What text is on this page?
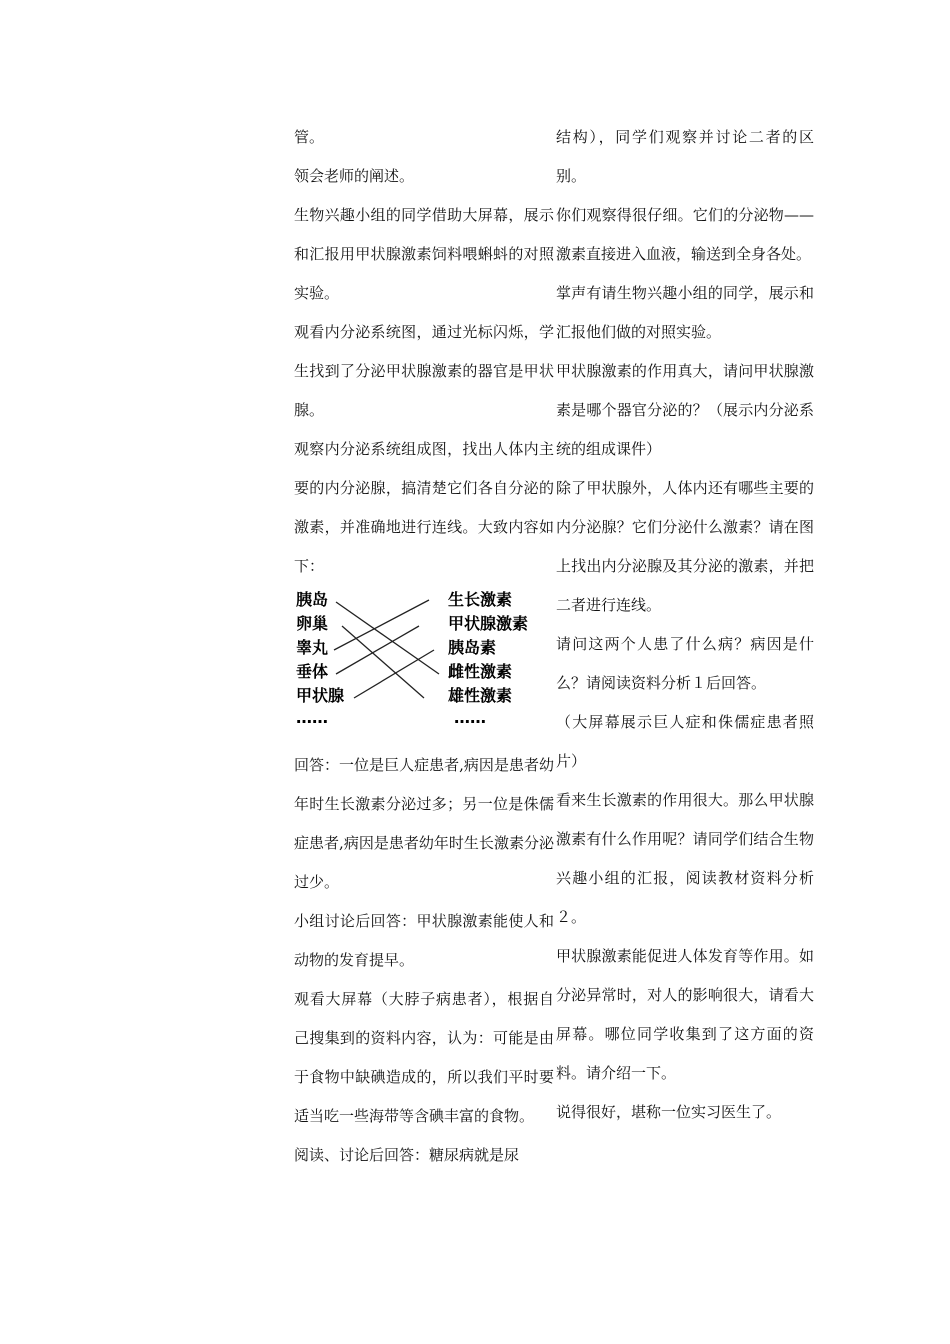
管。

领会老师的阐述。

生物兴趣小组的同学借助大屏幕，展示和汇报用甲状腺激素饲料喂蝌蚪的对照实验。

观看内分泌系统图，通过光标闪烁，学生找到了分泌甲状腺激素的器官是甲状腺。

观察内分泌系统组成图，找出人体内主要的内分泌腺，搞清楚它们各自分泌的激素，并准确地进行连线。大致内容如下：

胰岛
卵巢
睾丸
垂体
甲状腺
……
生长激素
甲状腺激素
胰岛素
雌性激素
雄性激素
……

回答：一位是巨人症患者,病因是患者幼年时生长激素分泌过多；另一位是侏儒症患者,病因是患者幼年时生长激素分泌过少。

小组讨论后回答：甲状腺激素能使人和动物的发育提早。

观看大屏幕（大脖子病患者），根据自己搜集到的资料内容，认为：可能是由于食物中缺碘造成的，所以我们平时要适当吃一些海带等含碘丰富的食物。

阅读、讨论后回答：糖尿病就是尿

结构），同学们观察并讨论二者的区别。

你们观察得很仔细。它们的分泌物——激素直接进入血液，输送到全身各处。

掌声有请生物兴趣小组的同学，展示和汇报他们做的对照实验。

甲状腺激素的作用真大，请问甲状腺激素是哪个器官分泌的？（展示内分泌系统的组成课件）

除了甲状腺外，人体内还有哪些主要的内分泌腺？它们分泌什么激素？请在图上找出内分泌腺及其分泌的激素，并把二者进行连线。

请问这两个人患了什么病？病因是什么？请阅读资料分析１后回答。

（大屏幕展示巨人症和侏儒症患者照片）

看来生长激素的作用很大。那么甲状腺激素有什么作用呢？请同学们结合生物兴趣小组的汇报，阅读教材资料分析２。

甲状腺激素能促进人体发育等作用。如分泌异常时，对人的影响很大，请看大屏幕。哪位同学收集到了这方面的资料。请介绍一下。

说得很好，堪称一位实习医生了。
